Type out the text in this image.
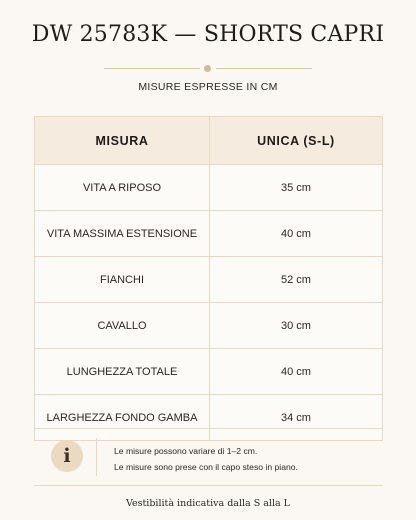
DW 25783K — SHORTS CAPRI
MISURE ESPRESSE IN CM
MISURA	UNICA (S-L)
VITA A RIPOSO	35 cm
VITA MASSIMA ESTENSIONE	40 cm
FIANCHI	52 cm
CAVALLO	30 cm
LUNGHEZZA TOTALE	40 cm
LARGHEZZA FONDO GAMBA	34 cm
i	Le misure possono variare di 1–2 cm.
Le misure sono prese con il capo steso in piano.
Vestibilità indicativa dalla S alla L
